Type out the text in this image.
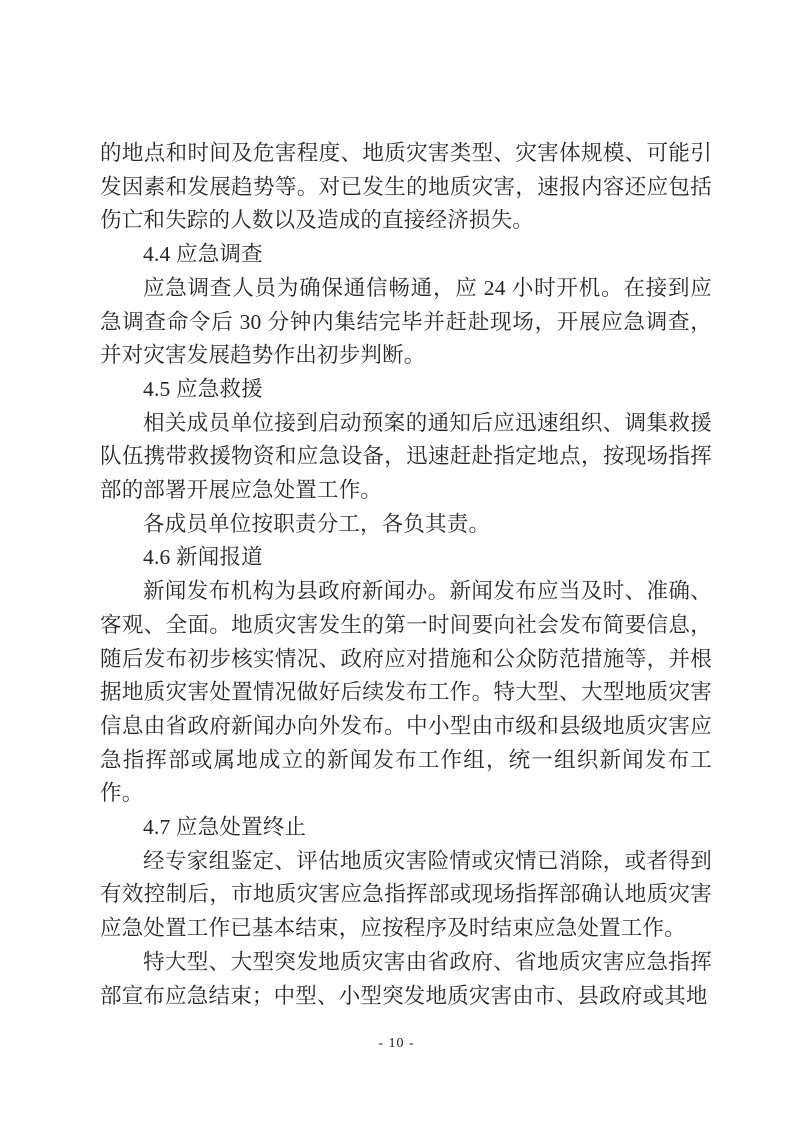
的地点和时间及危害程度、地质灾害类型、灾害体规模、可能引发因素和发展趋势等。对已发生的地质灾害，速报内容还应包括伤亡和失踪的人数以及造成的直接经济损失。

4.4 应急调查

应急调查人员为确保通信畅通，应 24 小时开机。在接到应急调查命令后 30 分钟内集结完毕并赶赴现场，开展应急调查，并对灾害发展趋势作出初步判断。

4.5 应急救援

相关成员单位接到启动预案的通知后应迅速组织、调集救援队伍携带救援物资和应急设备，迅速赶赴指定地点，按现场指挥部的部署开展应急处置工作。

各成员单位按职责分工，各负其责。

4.6 新闻报道

新闻发布机构为县政府新闻办。新闻发布应当及时、准确、客观、全面。地质灾害发生的第一时间要向社会发布简要信息，随后发布初步核实情况、政府应对措施和公众防范措施等，并根据地质灾害处置情况做好后续发布工作。特大型、大型地质灾害信息由省政府新闻办向外发布。中小型由市级和县级地质灾害应急指挥部或属地成立的新闻发布工作组，统一组织新闻发布工作。

4.7 应急处置终止

经专家组鉴定、评估地质灾害险情或灾情已消除，或者得到有效控制后，市地质灾害应急指挥部或现场指挥部确认地质灾害应急处置工作已基本结束，应按程序及时结束应急处置工作。

特大型、大型突发地质灾害由省政府、省地质灾害应急指挥部宣布应急结束；中型、小型突发地质灾害由市、县政府或其地

- 10 -
